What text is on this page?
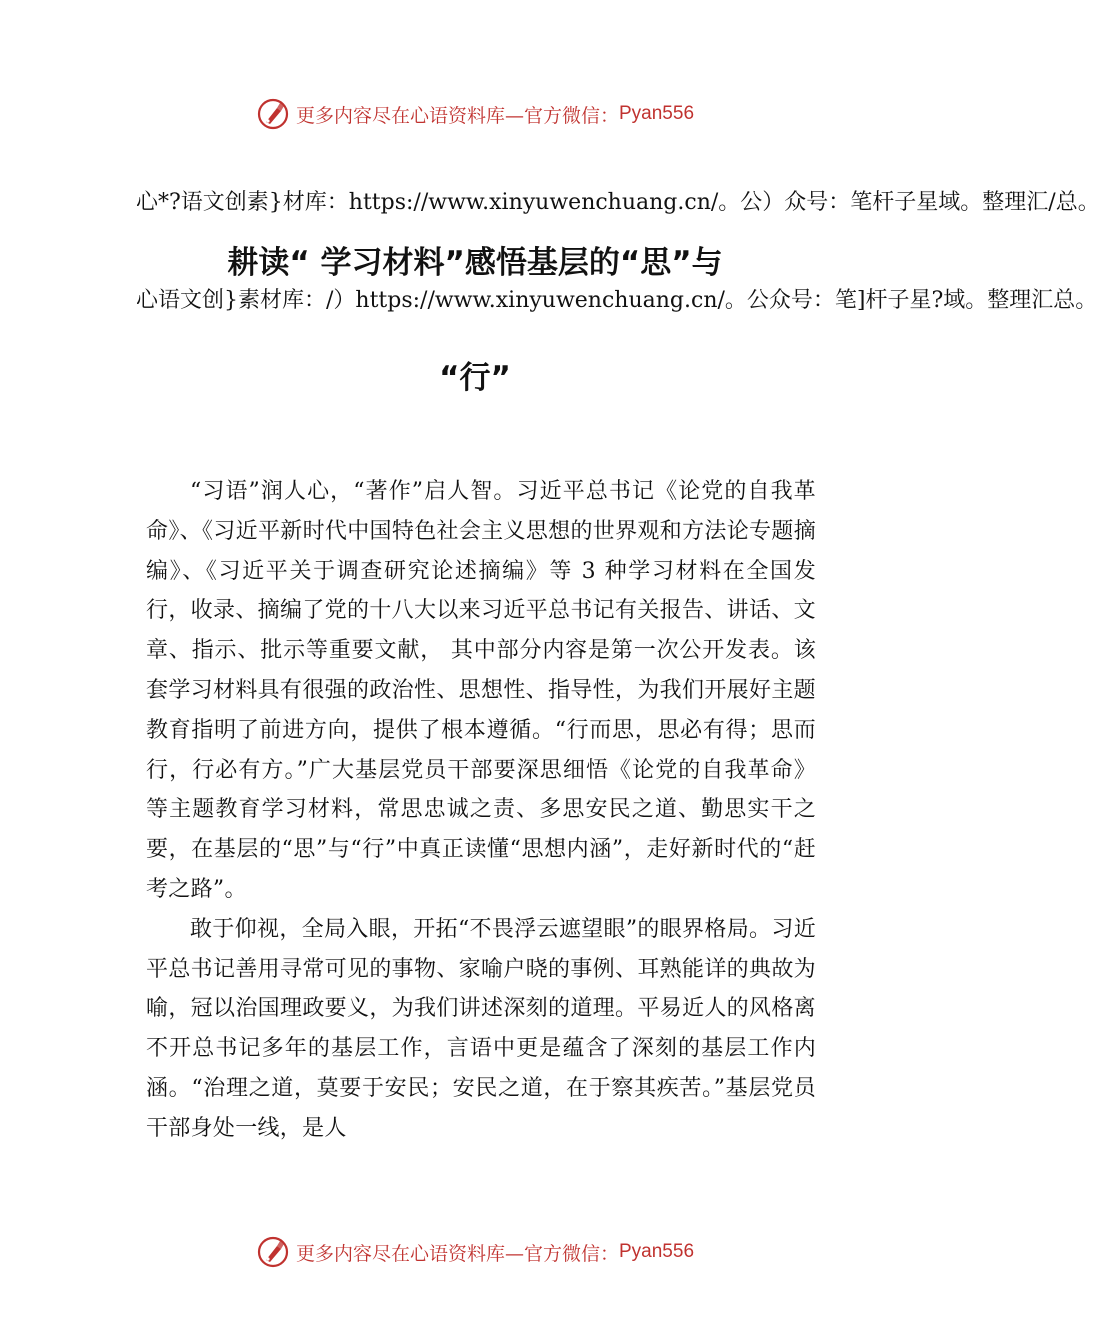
更多内容尽在心语资料库—官方微信： Pyan556
心*?语文创素}材库：https://www.xinyuwenchuang.cn/。公）众号：笔杆子星域。整理汇/总。
耕读“ 学习材料”感悟基层的“思”与
心语文创}素材库：/）https://www.xinyuwenchuang.cn/。公众号：笔]杆子星?域。整理汇总。
“行”

“习语”润人心，“著作”启人智。习近平总书记《论党的自我革命》、《习近平新时代中国特色社会主义思想的世界观和方法论专题摘编》、《习近平关于调查研究论述摘编》等 3 种学习材料在全国发行，收录、摘编了党的十八大以来习近平总书记有关报告、讲话、文章、指示、批示等重要文献， 其中部分内容是第一次公开发表。该套学习材料具有很强的政治性、思想性、指导性，为我们开展好主题教育指明了前进方向，提供了根本遵循。“行而思，思必有得；思而行，行必有方。”广大基层党员干部要深思细悟《论党的自我革命》 等主题教育学习材料，常思忠诚之责、多思安民之道、勤思实干之要，在基层的“思”与“行”中真正读懂“思想内涵”，走好新时代的“赶考之路”。

敢于仰视，全局入眼，开拓“不畏浮云遮望眼”的眼界格局。习近平总书记善用寻常可见的事物、家喻户晓的事例、耳熟能详的典故为喻，冠以治国理政要义，为我们讲述深刻的道理。平易近人的风格离不开总书记多年的基层工作，言语中更是蕴含了深刻的基层工作内涵。“治理之道，莫要于安民；安民之道，在于察其疾苦。”基层党员干部身处一线，是人

更多内容尽在心语资料库—官方微信： Pyan556
